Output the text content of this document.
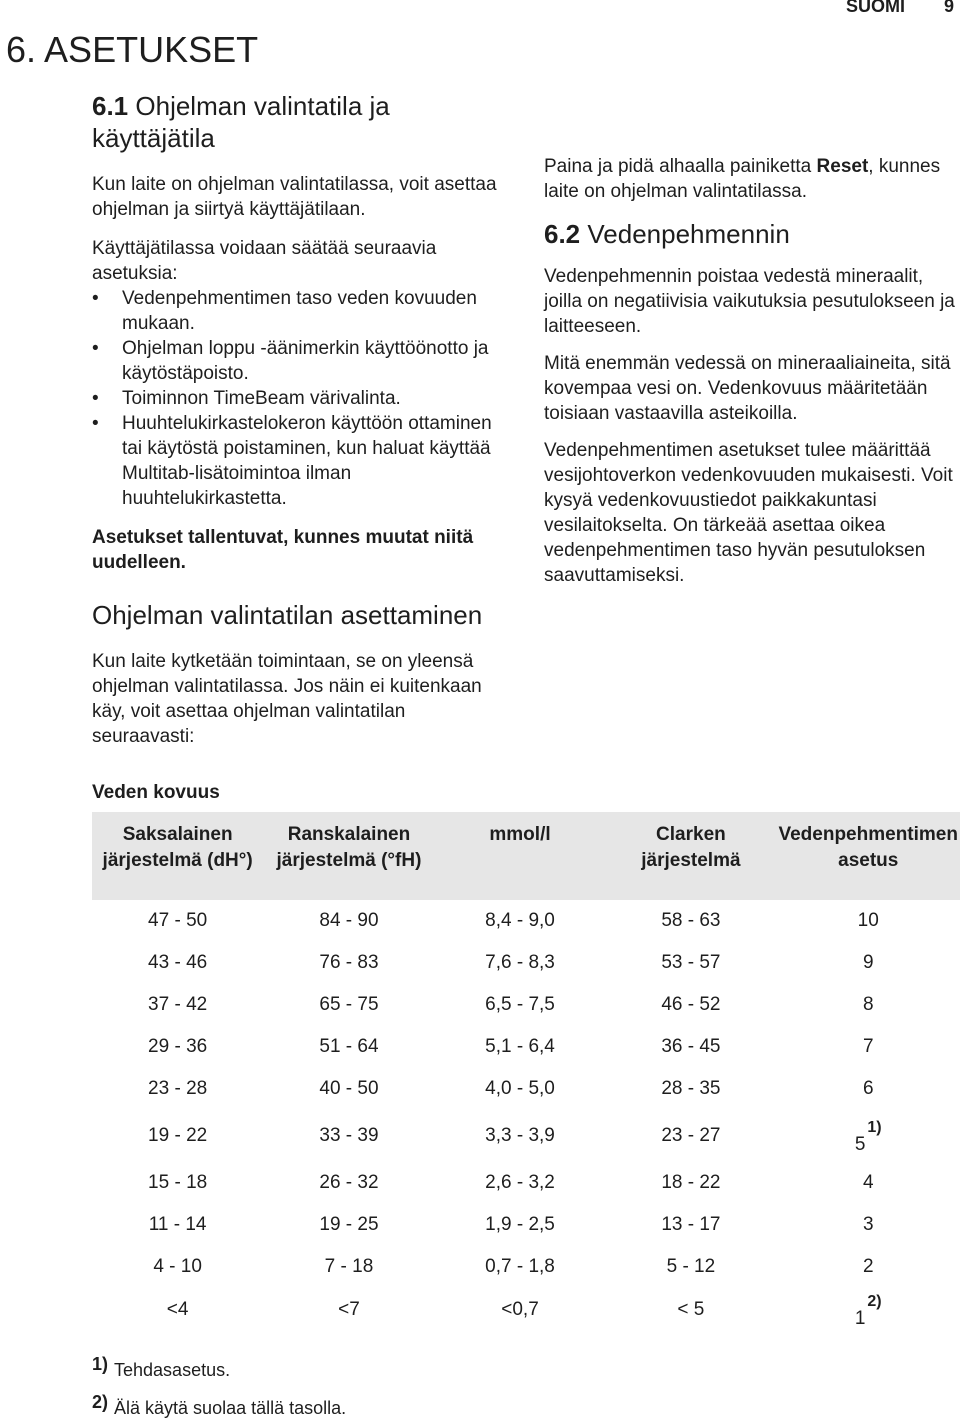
SUOMI 9
6. ASETUKSET
6.1 Ohjelman valintatila ja käyttäjätila

Kun laite on ohjelman valintatilassa, voit asettaa ohjelman ja siirtyä käyttäjätilaan.

Käyttäjätilassa voidaan säätää seuraavia asetuksia:

• Vedenpehmentimen taso veden kovuuden mukaan.
• Ohjelman loppu -äänimerkin käyttöönotto ja käytöstäpoisto.
• Toiminnon TimeBeam värivalinta.
• Huuhtelukirkastelokeron käyttöön ottaminen tai käytöstä poistaminen, kun haluat käyttää Multitab-lisätoimintoa ilman huuhtelukirkastetta.

Asetukset tallentuvat, kunnes muutat niitä uudelleen.

Ohjelman valintatilan asettaminen

Kun laite kytketään toimintaan, se on yleensä ohjelman valintatilassa. Jos näin ei kuitenkaan käy, voit asettaa ohjelman valintatilan seuraavasti:

Paina ja pidä alhaalla painiketta Reset, kunnes laite on ohjelman valintatilassa.

6.2 Vedenpehmennin

Vedenpehmennin poistaa vedestä mineraalit, joilla on negatiivisia vaikutuksia pesutulokseen ja laitteeseen.

Mitä enemmän vedessä on mineraaliaineita, sitä kovempaa vesi on. Vedenkovuus määritetään toisiaan vastaavilla asteikoilla.

Vedenpehmentimen asetukset tulee määrittää vesijohtoverkon vedenkovuuden mukaisesti. Voit kysyä vedenkovuustiedot paikkakuntasi vesilaitokselta. On tärkeää asettaa oikea vedenpehmentimen taso hyvän pesutuloksen saavuttamiseksi.

Veden kovuus
Saksalainen järjestelmä (dH°)	Ranskalainen järjestelmä (°fH)	mmol/l	Clarken järjestelmä	Vedenpehmentimen asetus
47 - 50	84 - 90	8,4 - 9,0	58 - 63	10
43 - 46	76 - 83	7,6 - 8,3	53 - 57	9
37 - 42	65 - 75	6,5 - 7,5	46 - 52	8
29 - 36	51 - 64	5,1 - 6,4	36 - 45	7
23 - 28	40 - 50	4,0 - 5,0	28 - 35	6
19 - 22	33 - 39	3,3 - 3,9	23 - 27	5$^{1)}$
15 - 18	26 - 32	2,6 - 3,2	18 - 22	4
11 - 14	19 - 25	1,9 - 2,5	13 - 17	3
4 - 10	7 - 18	0,7 - 1,8	5 - 12	2
<4	<7	<0,7	< 5	1$^{2)}$
1) Tehdasasetus.
2) Älä käytä suolaa tällä tasolla.
